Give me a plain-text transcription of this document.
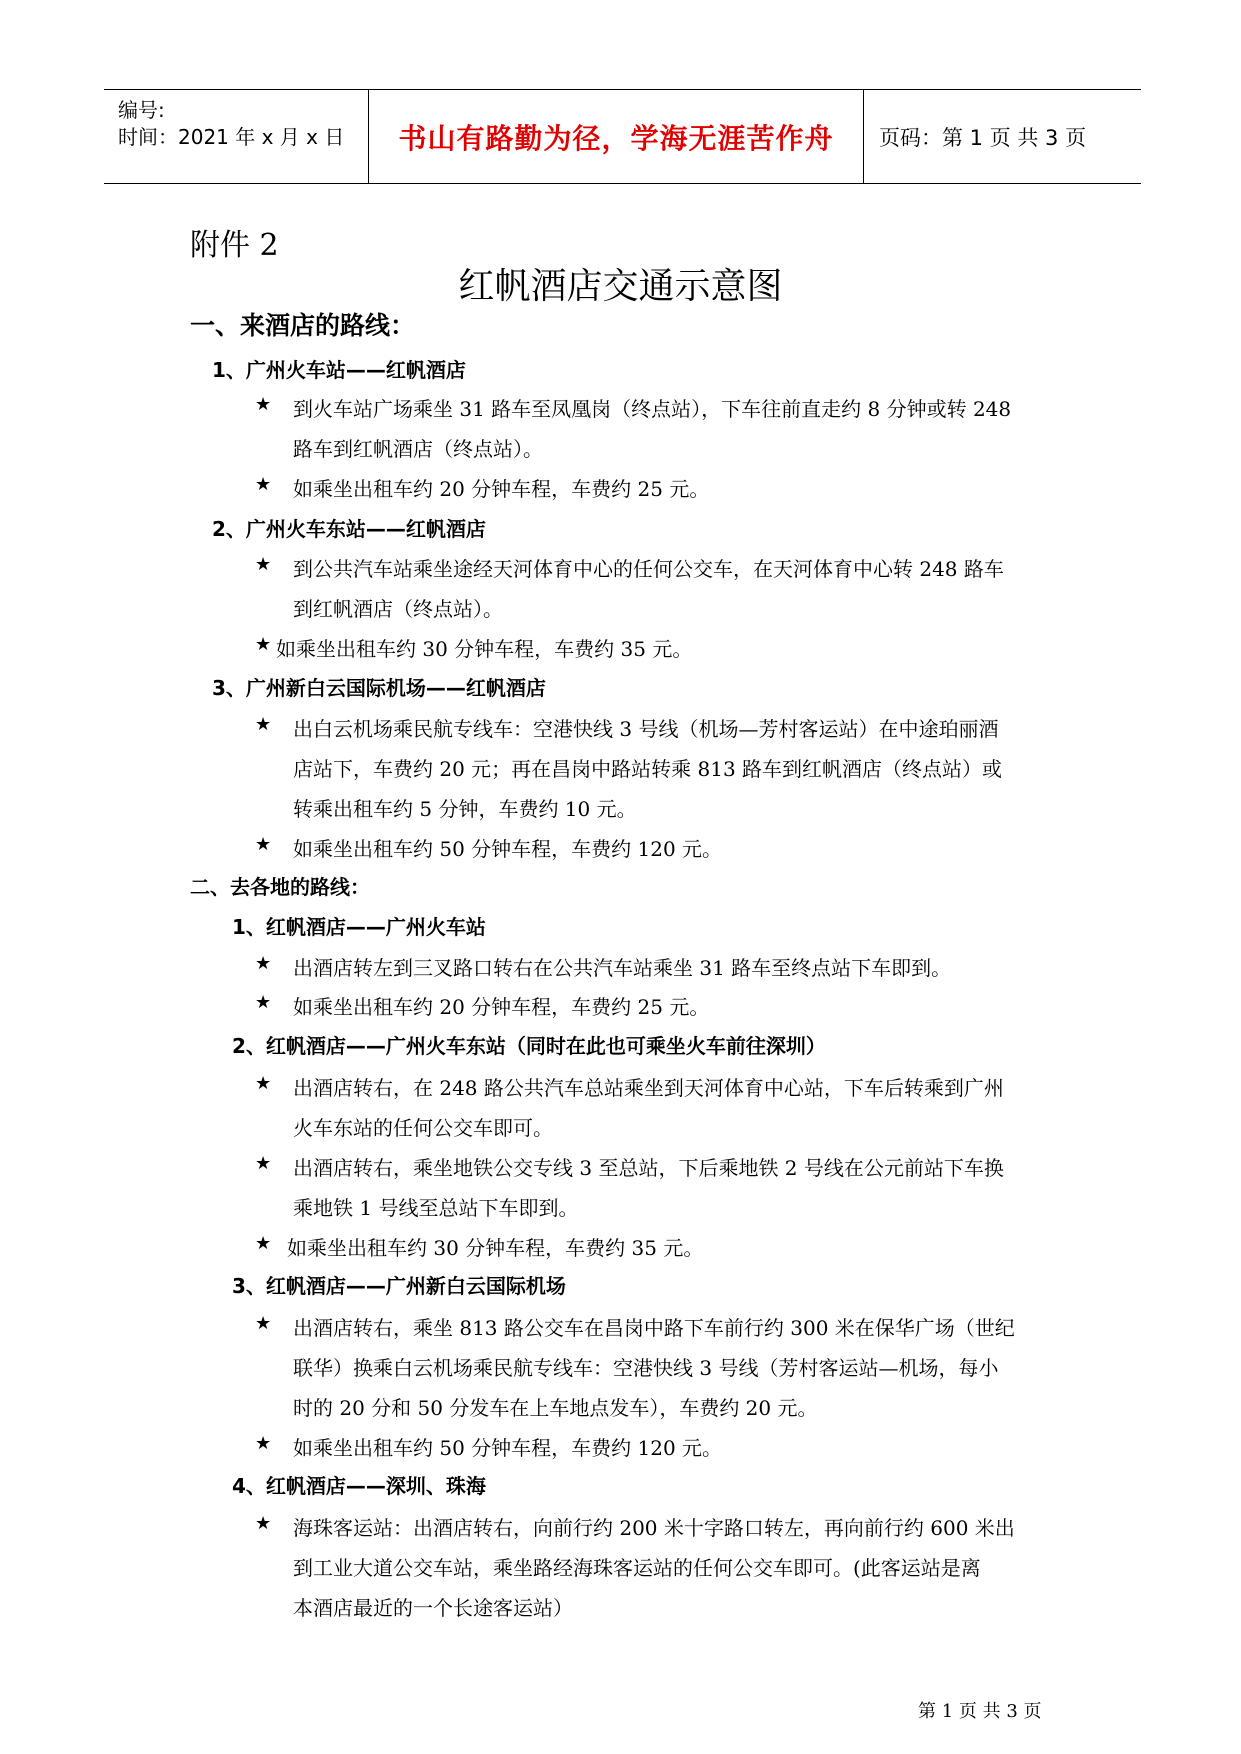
编号:
时间：2021 年 x 月 x 日 书山有路勤为径，学海无涯苦作舟	页码：第 1 页 共 3 页
附件 2
红帆酒店交通示意图
一、来酒店的路线：
1、广州火车站——红帆酒店
★ 到火车站广场乘坐 31 路车至凤凰岗（终点站），下车往前直走约 8 分钟或转 248
路车到红帆酒店（终点站）。
★ 如乘坐出租车约 20 分钟车程，车费约 25 元。
2、广州火车东站——红帆酒店
★ 到公共汽车站乘坐途经天河体育中心的任何公交车，在天河体育中心转 248 路车
到红帆酒店（终点站）。
★ 如乘坐出租车约 30 分钟车程，车费约 35 元。
3、广州新白云国际机场——红帆酒店
★ 出白云机场乘民航专线车：空港快线 3 号线（机场—芳村客运站）在中途珀丽酒
店站下，车费约 20 元；再在昌岗中路站转乘 813 路车到红帆酒店（终点站）或
转乘出租车约 5 分钟，车费约 10 元。
★ 如乘坐出租车约 50 分钟车程，车费约 120 元。
二、去各地的路线：
1、红帆酒店——广州火车站
★ 出酒店转左到三叉路口转右在公共汽车站乘坐 31 路车至终点站下车即到。
★ 如乘坐出租车约 20 分钟车程，车费约 25 元。
2、红帆酒店——广州火车东站（同时在此也可乘坐火车前往深圳）
★ 出酒店转右，在 248 路公共汽车总站乘坐到天河体育中心站，下车后转乘到广州
火车东站的任何公交车即可。
★ 出酒店转右，乘坐地铁公交专线 3 至总站，下后乘地铁 2 号线在公元前站下车换
乘地铁 1 号线至总站下车即到。
★ 如乘坐出租车约 30 分钟车程，车费约 35 元。
3、红帆酒店——广州新白云国际机场
★ 出酒店转右，乘坐 813 路公交车在昌岗中路下车前行约 300 米在保华广场（世纪
联华）换乘白云机场乘民航专线车：空港快线 3 号线（芳村客运站—机场，每小
时的 20 分和 50 分发车在上车地点发车），车费约 20 元。
★ 如乘坐出租车约 50 分钟车程，车费约 120 元。
4、红帆酒店——深圳、珠海
★ 海珠客运站：出酒店转右，向前行约 200 米十字路口转左，再向前行约 600 米出
到工业大道公交车站，乘坐路经海珠客运站的任何公交车即可。(此客运站是离
本酒店最近的一个长途客运站）
第 1 页 共 3 页
